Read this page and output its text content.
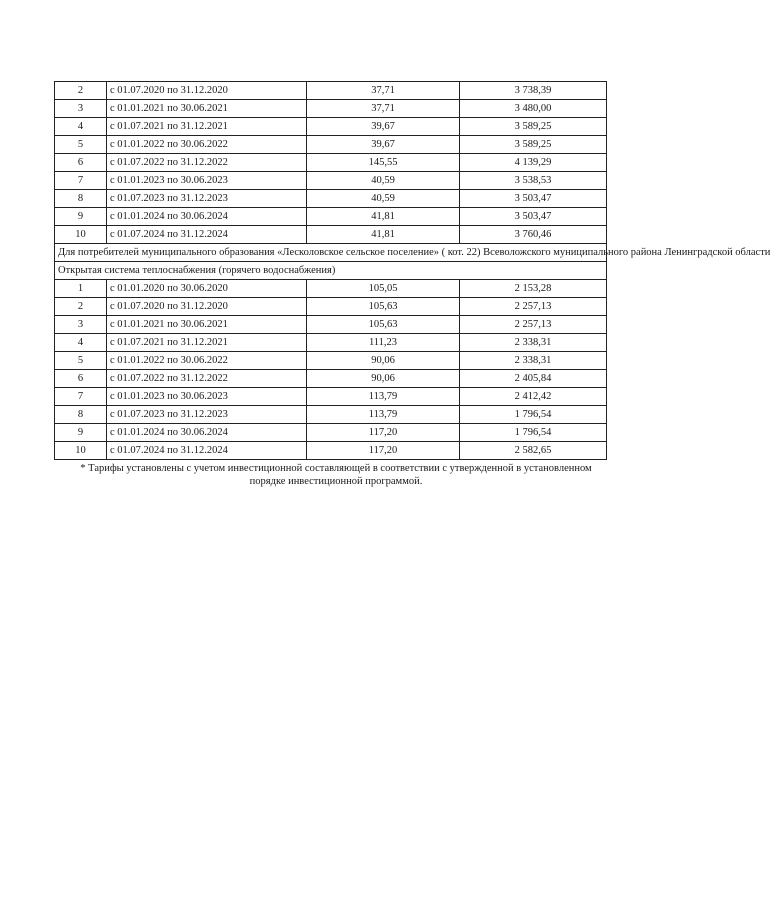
2	с 01.07.2020 по 31.12.2020	37,71	3 738,39
3	с 01.01.2021 по 30.06.2021	37,71	3 480,00
4	с 01.07.2021 по 31.12.2021	39,67	3 589,25
5	с 01.01.2022 по 30.06.2022	39,67	3 589,25
6	с 01.07.2022 по 31.12.2022	145,55	4 139,29
7	с 01.01.2023 по 30.06.2023	40,59	3 538,53
8	с 01.07.2023 по 31.12.2023	40,59	3 503,47
9	с 01.01.2024 по 30.06.2024	41,81	3 503,47
10	с 01.07.2024 по 31.12.2024	41,81	3 760,46
Для потребителей муниципального образования «Лесколовское сельское поселение» ( кот. 22) Всеволожского муниципального района Ленинградской области			
Открытая система теплоснабжения (горячего водоснабжения)			
1	с 01.01.2020 по 30.06.2020	105,05	2 153,28
2	с 01.07.2020 по 31.12.2020	105,63	2 257,13
3	с 01.01.2021 по 30.06.2021	105,63	2 257,13
4	с 01.07.2021 по 31.12.2021	111,23	2 338,31
5	с 01.01.2022 по 30.06.2022	90,06	2 338,31
6	с 01.07.2022 по 31.12.2022	90,06	2 405,84
7	с 01.01.2023 по 30.06.2023	113,79	2 412,42
8	с 01.07.2023 по 31.12.2023	113,79	1 796,54
9	с 01.01.2024 по 30.06.2024	117,20	1 796,54
10	с 01.07.2024 по 31.12.2024	117,20	2 582,65
* Тарифы установлены с учетом инвестиционной составляющей в соответствии с утвержденной в установленном
порядке инвестиционной программой.
